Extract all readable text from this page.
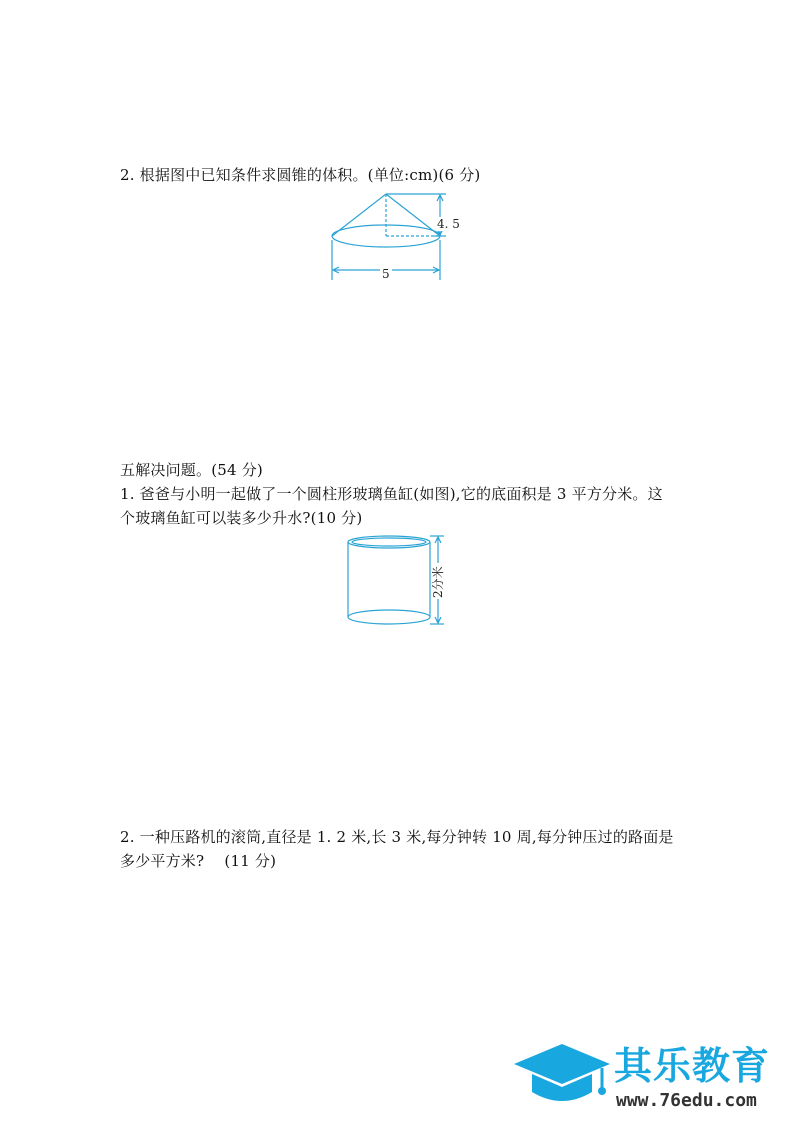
2. 根据图中已知条件求圆锥的体积。(单位:cm)(6 分)
4. 5
5
五解决问题。(54 分)
1. 爸爸与小明一起做了一个圆柱形玻璃鱼缸(如图),它的底面积是 3 平方分米。这
个玻璃鱼缸可以装多少升水?(10 分)
2分米
2. 一种压路机的滚筒,直径是 1. 2 米,长 3 米,每分钟转 10 周,每分钟压过的路面是
多少平方米?　 (11 分)
其乐教育
www.76edu.com
